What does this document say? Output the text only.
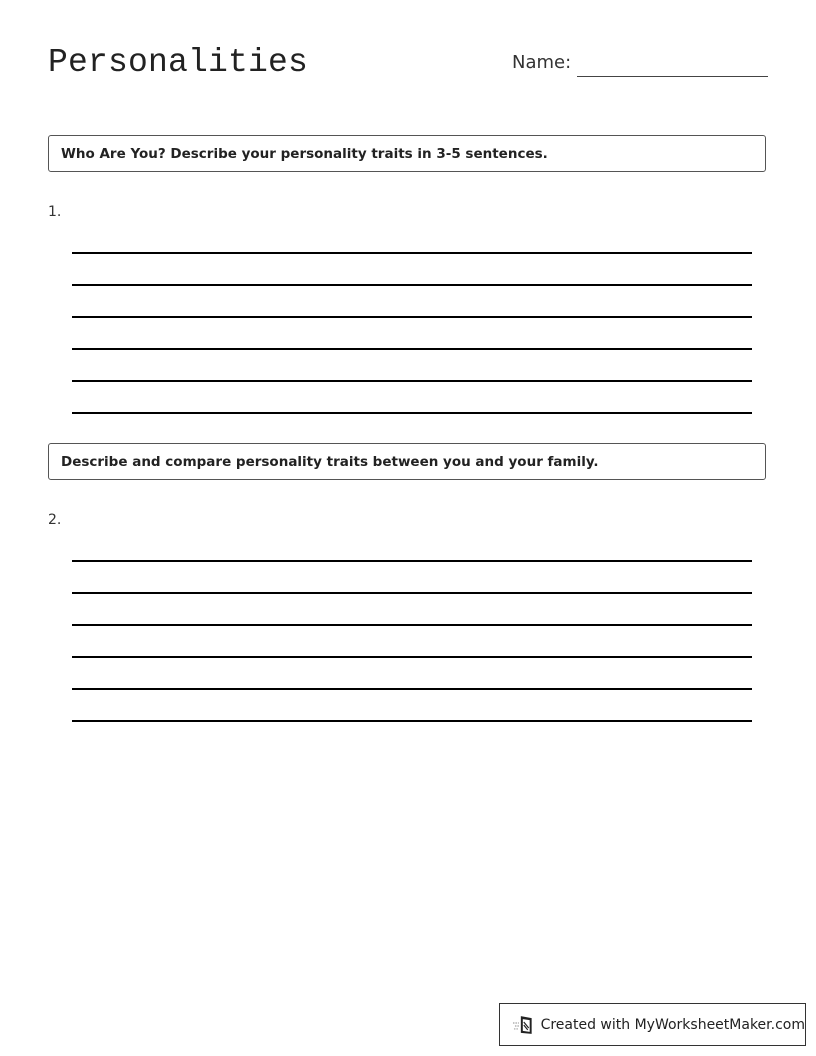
Personalities	Name:
Who Are You? Describe your personality traits in 3-5 sentences.
1.
Describe and compare personality traits between you and your family.
2.
Created with MyWorksheetMaker.com
